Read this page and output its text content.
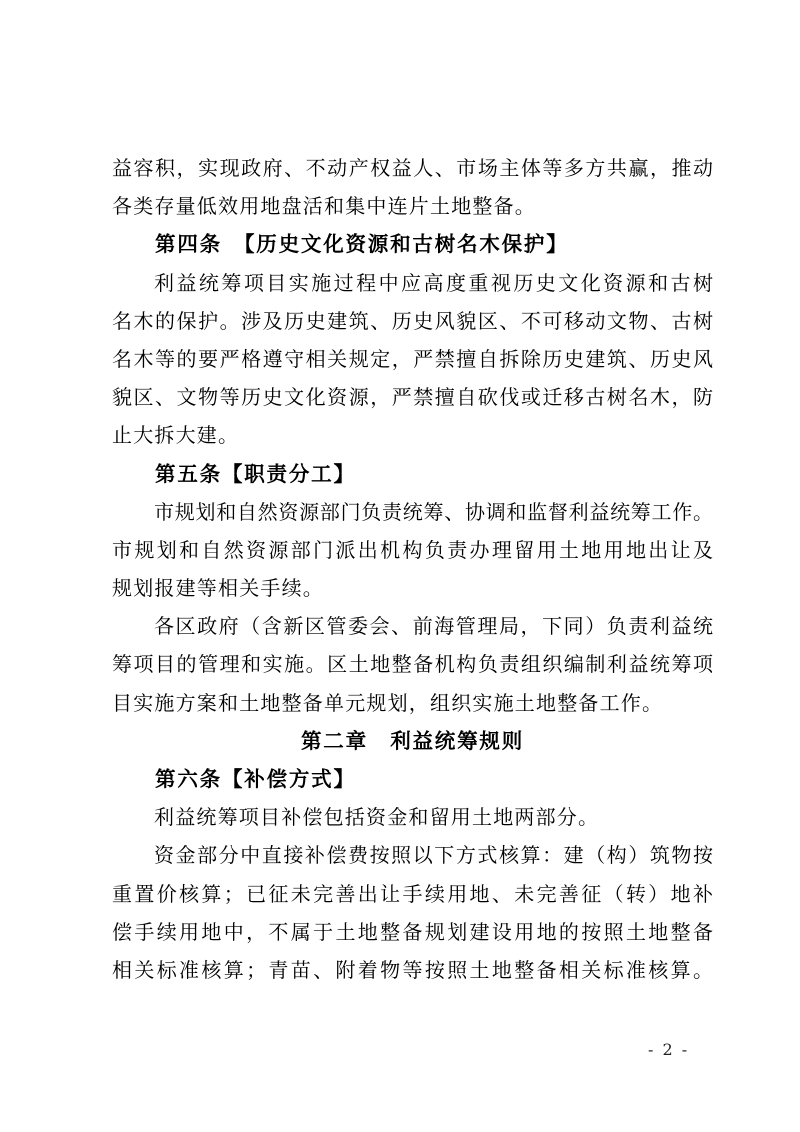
益容积，实现政府、不动产权益人、市场主体等多方共赢，推动
各类存量低效用地盘活和集中连片土地整备。
第四条　【历史文化资源和古树名木保护】
利益统筹项目实施过程中应高度重视历史文化资源和古树
名木的保护。涉及历史建筑、历史风貌区、不可移动文物、古树
名木等的要严格遵守相关规定，严禁擅自拆除历史建筑、历史风
貌区、文物等历史文化资源，严禁擅自砍伐或迁移古树名木，防
止大拆大建。
第五条【职责分工】
市规划和自然资源部门负责统筹、协调和监督利益统筹工作。
市规划和自然资源部门派出机构负责办理留用土地用地出让及
规划报建等相关手续。
各区政府（含新区管委会、前海管理局，下同）负责利益统
筹项目的管理和实施。区土地整备机构负责组织编制利益统筹项
目实施方案和土地整备单元规划，组织实施土地整备工作。
第二章　利益统筹规则
第六条【补偿方式】
利益统筹项目补偿包括资金和留用土地两部分。
资金部分中直接补偿费按照以下方式核算：建（构）筑物按
重置价核算；已征未完善出让手续用地、未完善征（转）地补
偿手续用地中，不属于土地整备规划建设用地的按照土地整备
相关标准核算；青苗、附着物等按照土地整备相关标准核算。
- 2 -
